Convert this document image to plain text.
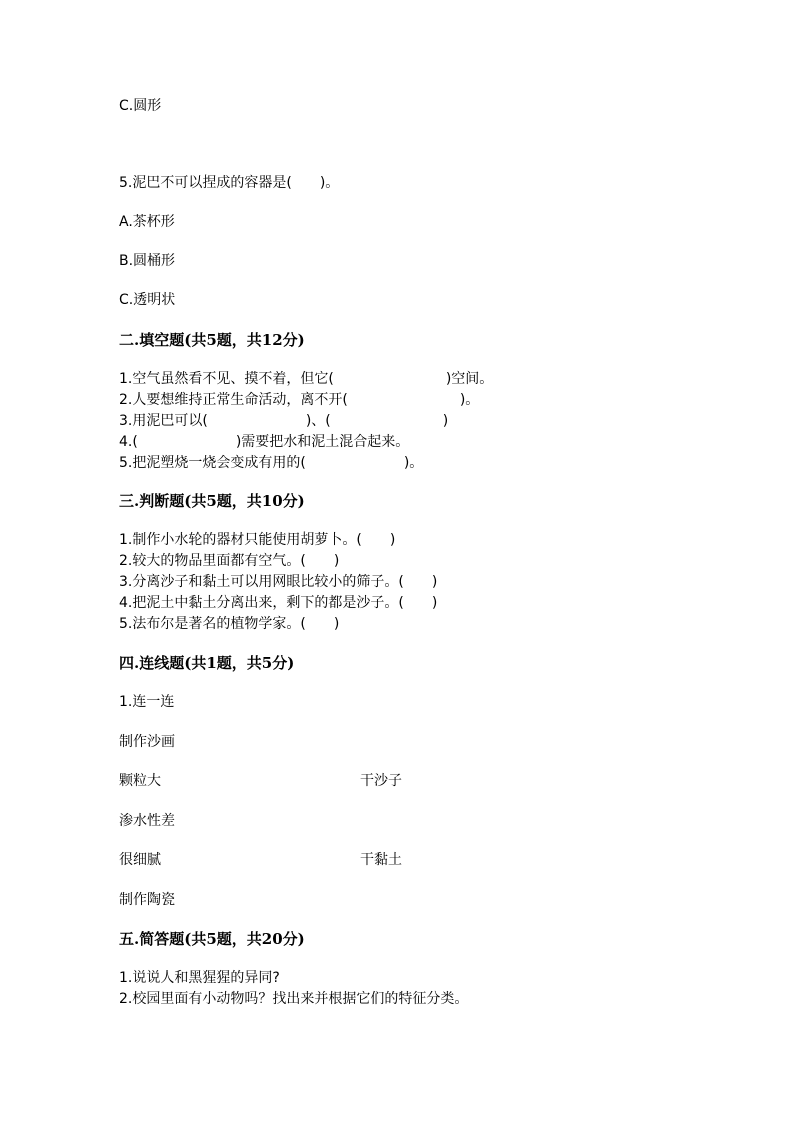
C.圆形
5.泥巴不可以捏成的容器是(　　)。
A.茶杯形
B.圆桶形
C.透明状
二.填空题(共5题，共12分)
1.空气虽然看不见、摸不着，但它(　　　　　　　　)空间。
2.人要想维持正常生命活动，离不开(　　　　　　　　)。
3.用泥巴可以(　　　　　　　)、(　　　　　　　　)
4.(　　　　　　　)需要把水和泥土混合起来。
5.把泥塑烧一烧会变成有用的(　　　　　　　)。
三.判断题(共5题，共10分)
1.制作小水轮的器材只能使用胡萝卜。(　　)
2.较大的物品里面都有空气。(　　)
3.分离沙子和黏土可以用网眼比较小的筛子。(　　)
4.把泥土中黏土分离出来，剩下的都是沙子。(　　)
5.法布尔是著名的植物学家。(　　)
四.连线题(共1题，共5分)
1.连一连
制作沙画
颗粒大	干沙子
渗水性差
很细腻	干黏土
制作陶瓷
五.简答题(共5题，共20分)
1.说说人和黑猩猩的异同?
2.校园里面有小动物吗？找出来并根据它们的特征分类。
